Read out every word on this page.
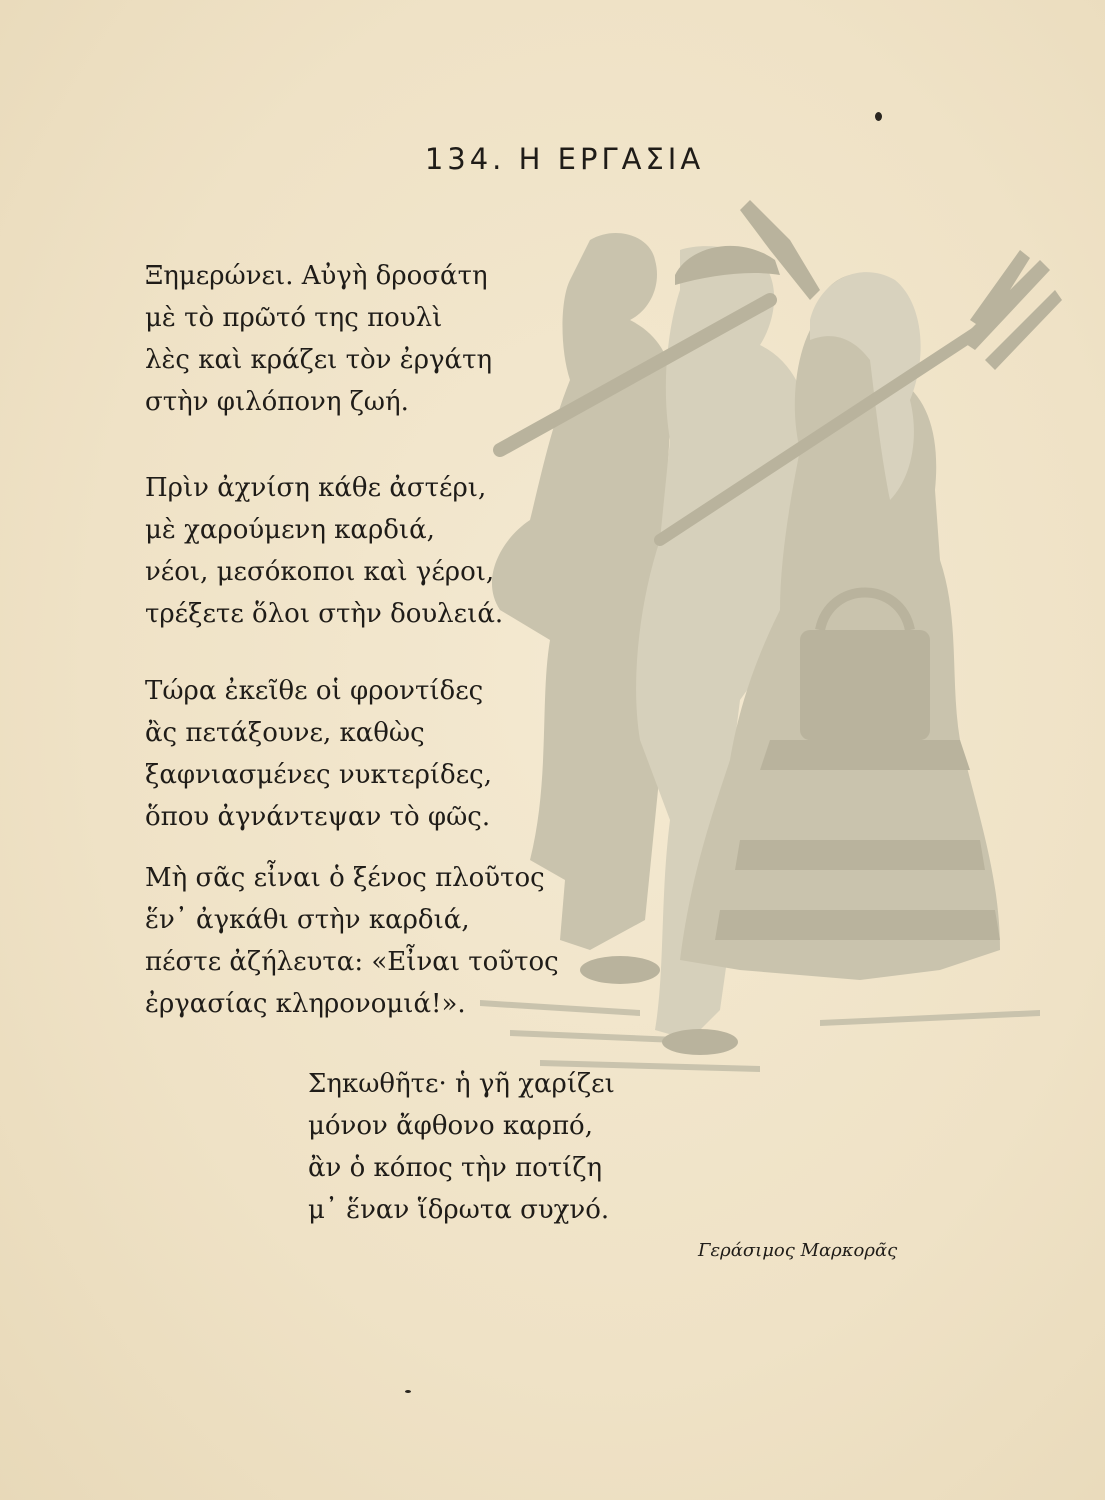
134. Η ΕΡΓΑΣΙΑ
Ξημερώνει. Αὐγὴ δροσάτη
μὲ τὸ πρῶτό της πουλὶ
λὲς καὶ κράζει τὸν ἐργάτη
στὴν φιλόπονη ζωή.
Πρὶν ἀχνίση κάθε ἀστέρι,
μὲ χαρούμενη καρδιά,
νέοι, μεσόκοποι καὶ γέροι,
τρέξετε ὅλοι στὴν δουλειά.
Τώρα ἐκεῖθε οἱ φροντίδες
ἂς πετάξουνε, καθὼς
ξαφνιασμένες νυκτερίδες,
ὅπου ἀγνάντεψαν τὸ φῶς.
Μὴ σᾶς εἶναι ὁ ξένος πλοῦτος
ἕν᾽ ἀγκάθι στὴν καρδιά,
πέστε ἀζήλευτα: «Εἶναι τοῦτος
ἐργασίας κληρονομιά!».
Σηκωθῆτε· ἡ γῆ χαρίζει
μόνον ἄφθονο καρπό,
ἂν ὁ κόπος τὴν ποτίζη
μ᾽ ἕναν ἵδρωτα συχνό.
Γεράσιμος Μαρκορᾶς
